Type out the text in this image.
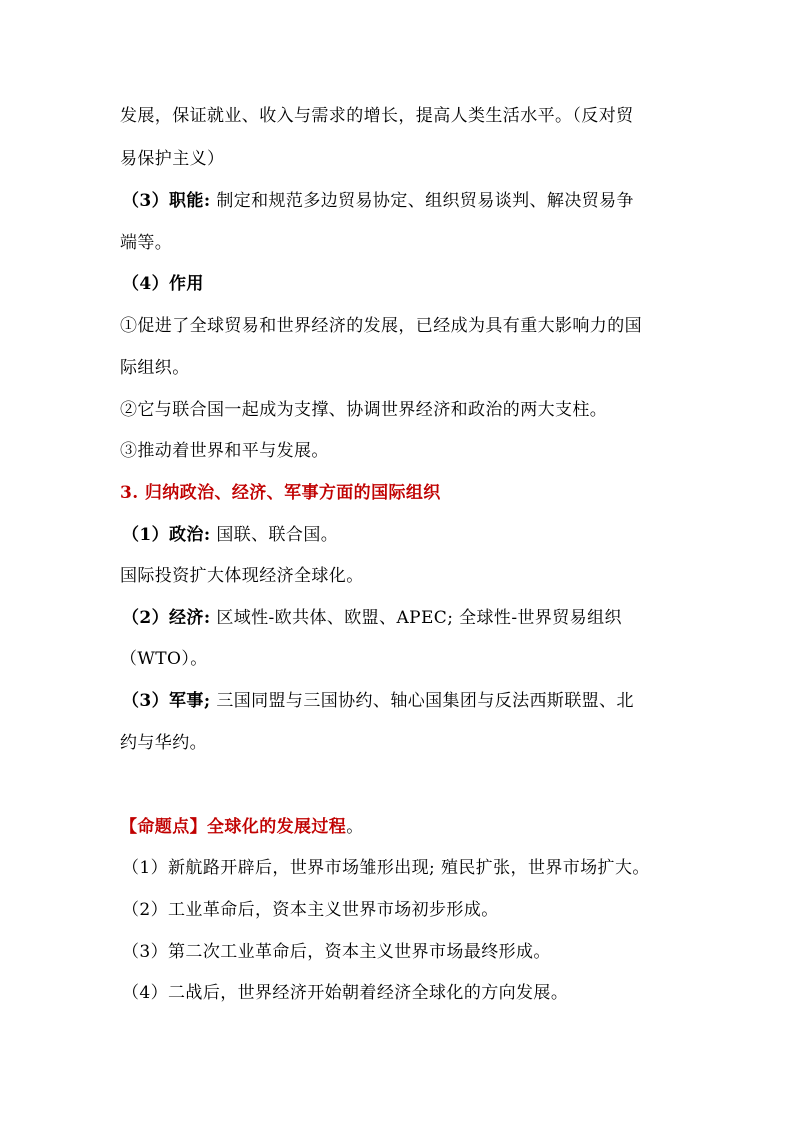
发展，保证就业、收入与需求的增长，提高人类生活水平。（反对贸
易保护主义）
（3）职能: 制定和规范多边贸易协定、组织贸易谈判、解决贸易争
端等。
（4）作用
①促进了全球贸易和世界经济的发展，已经成为具有重大影响力的国
际组织。
②它与联合国一起成为支撑、协调世界经济和政治的两大支柱。
③推动着世界和平与发展。
3. 归纳政治、经济、军事方面的国际组织
（1）政治: 国联、联合国。
国际投资扩大体现经济全球化。
（2）经济: 区域性-欧共体、欧盟、APEC; 全球性-世界贸易组织
（WTO）。
（3）军事; 三国同盟与三国协约、轴心国集团与反法西斯联盟、北
约与华约。
【命题点】全球化的发展过程。
（1）新航路开辟后，世界市场雏形出现; 殖民扩张，世界市场扩大。
（2）工业革命后，资本主义世界市场初步形成。
（3）第二次工业革命后，资本主义世界市场最终形成。
（4）二战后，世界经济开始朝着经济全球化的方向发展。
